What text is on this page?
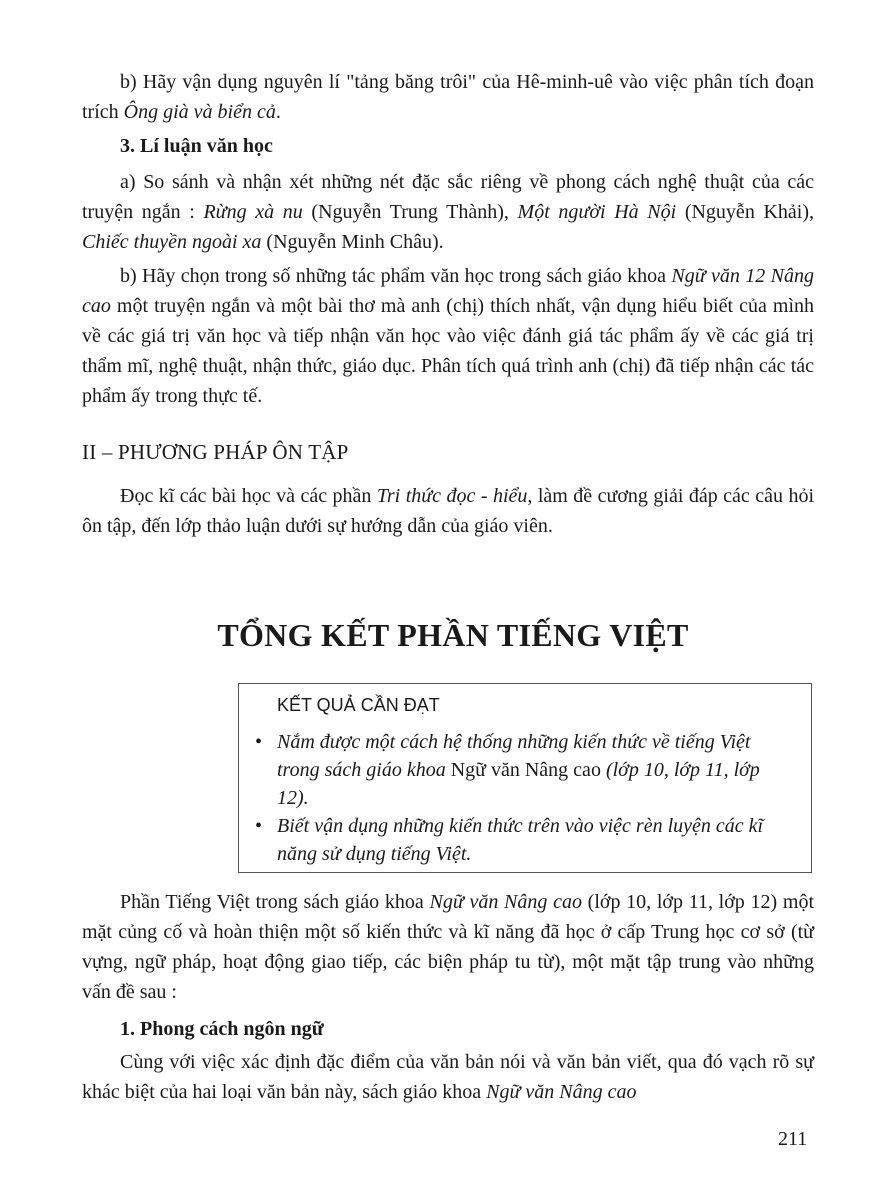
b) Hãy vận dụng nguyên lí "tảng băng trôi" của Hê-minh-uê vào việc phân tích đoạn trích Ông già và biển cả.

3. Lí luận văn học

a) So sánh và nhận xét những nét đặc sắc riêng về phong cách nghệ thuật của các truyện ngắn : Rừng xà nu (Nguyễn Trung Thành), Một người Hà Nội (Nguyễn Khải), Chiếc thuyền ngoài xa (Nguyễn Minh Châu).

b) Hãy chọn trong số những tác phẩm văn học trong sách giáo khoa Ngữ văn 12 Nâng cao một truyện ngắn và một bài thơ mà anh (chị) thích nhất, vận dụng hiểu biết của mình về các giá trị văn học và tiếp nhận văn học vào việc đánh giá tác phẩm ấy về các giá trị thẩm mĩ, nghệ thuật, nhận thức, giáo dục. Phân tích quá trình anh (chị) đã tiếp nhận các tác phẩm ấy trong thực tế.

II – PHƯƠNG PHÁP ÔN TẬP

Đọc kĩ các bài học và các phần Tri thức đọc - hiểu, làm đề cương giải đáp các câu hỏi ôn tập, đến lớp thảo luận dưới sự hướng dẫn của giáo viên.

TỔNG KẾT PHẦN TIẾNG VIỆT

KẾT QUẢ CẦN ĐẠT

• Nắm được một cách hệ thống những kiến thức về tiếng Việt trong sách giáo khoa Ngữ văn Nâng cao (lớp 10, lớp 11, lớp 12).

• Biết vận dụng những kiến thức trên vào việc rèn luyện các kĩ năng sử dụng tiếng Việt.

Phần Tiếng Việt trong sách giáo khoa Ngữ văn Nâng cao (lớp 10, lớp 11, lớp 12) một mặt củng cố và hoàn thiện một số kiến thức và kĩ năng đã học ở cấp Trung học cơ sở (từ vựng, ngữ pháp, hoạt động giao tiếp, các biện pháp tu từ), một mặt tập trung vào những vấn đề sau :

1. Phong cách ngôn ngữ

Cùng với việc xác định đặc điểm của văn bản nói và văn bản viết, qua đó vạch rõ sự khác biệt của hai loại văn bản này, sách giáo khoa Ngữ văn Nâng cao

211
